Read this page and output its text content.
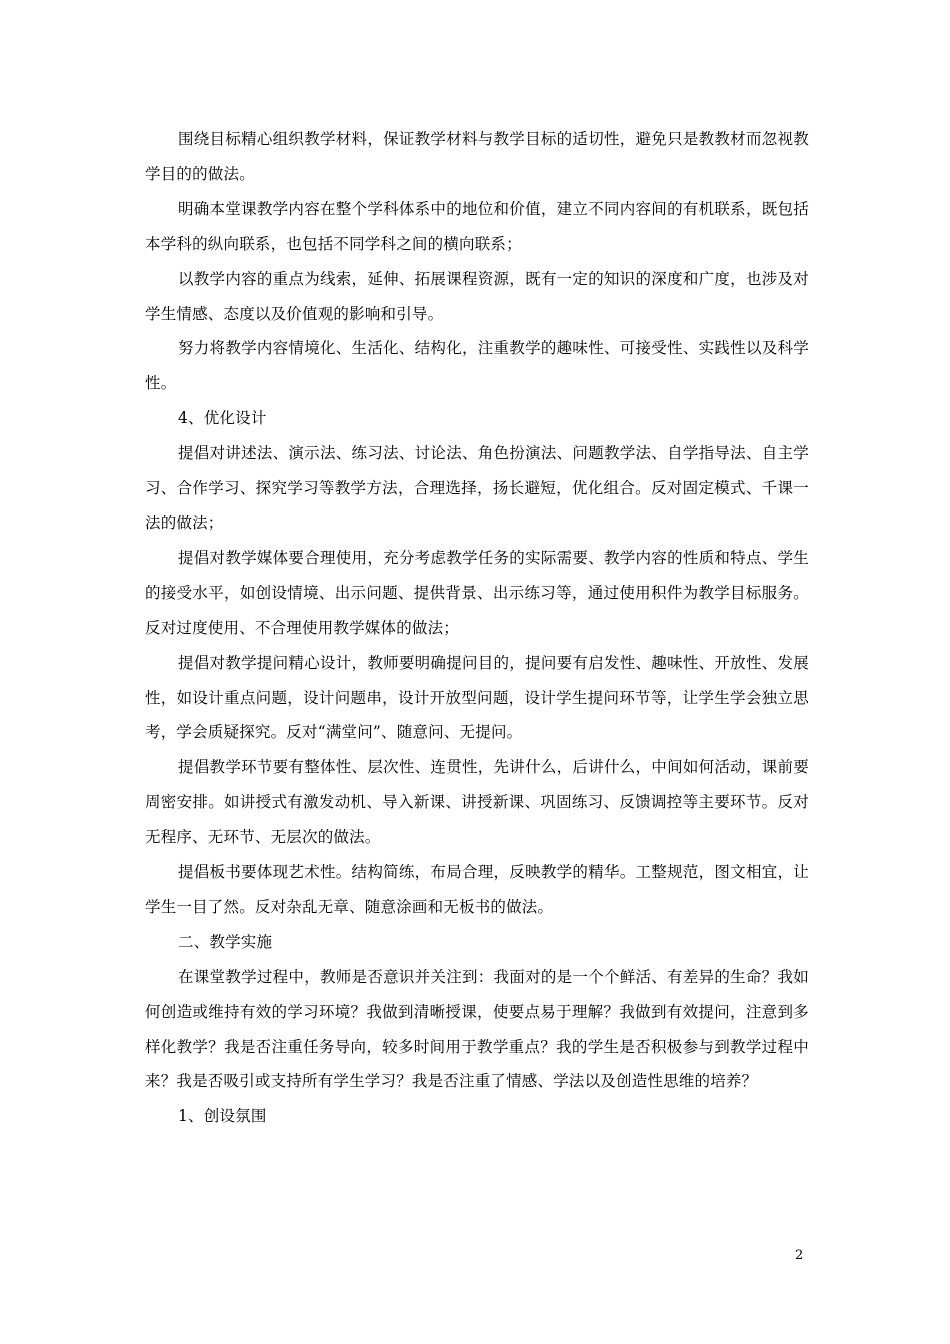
围绕目标精心组织教学材料，保证教学材料与教学目标的适切性，避免只是教教材而忽视教学目的的做法。

明确本堂课教学内容在整个学科体系中的地位和价值，建立不同内容间的有机联系，既包括本学科的纵向联系，也包括不同学科之间的横向联系；

以教学内容的重点为线索，延伸、拓展课程资源，既有一定的知识的深度和广度，也涉及对学生情感、态度以及价值观的影响和引导。

努力将教学内容情境化、生活化、结构化，注重教学的趣味性、可接受性、实践性以及科学性。

4、优化设计

提倡对讲述法、演示法、练习法、讨论法、角色扮演法、问题教学法、自学指导法、自主学习、合作学习、探究学习等教学方法，合理选择，扬长避短，优化组合。反对固定模式、千课一法的做法；

提倡对教学媒体要合理使用，充分考虑教学任务的实际需要、教学内容的性质和特点、学生的接受水平，如创设情境、出示问题、提供背景、出示练习等，通过使用积件为教学目标服务。反对过度使用、不合理使用教学媒体的做法；

提倡对教学提问精心设计，教师要明确提问目的，提问要有启发性、趣味性、开放性、发展性，如设计重点问题，设计问题串，设计开放型问题，设计学生提问环节等，让学生学会独立思考，学会质疑探究。反对“满堂问”、随意问、无提问。

提倡教学环节要有整体性、层次性、连贯性，先讲什么，后讲什么，中间如何活动，课前要周密安排。如讲授式有激发动机、导入新课、讲授新课、巩固练习、反馈调控等主要环节。反对无程序、无环节、无层次的做法。

提倡板书要体现艺术性。结构简练，布局合理，反映教学的精华。工整规范，图文相宜，让学生一目了然。反对杂乱无章、随意涂画和无板书的做法。

二、教学实施

在课堂教学过程中，教师是否意识并关注到：我面对的是一个个鲜活、有差异的生命？我如何创造或维持有效的学习环境？我做到清晰授课，使要点易于理解？我做到有效提问，注意到多样化教学？我是否注重任务导向，较多时间用于教学重点？我的学生是否积极参与到教学过程中来？我是否吸引或支持所有学生学习？我是否注重了情感、学法以及创造性思维的培养？

1、创设氛围

2
